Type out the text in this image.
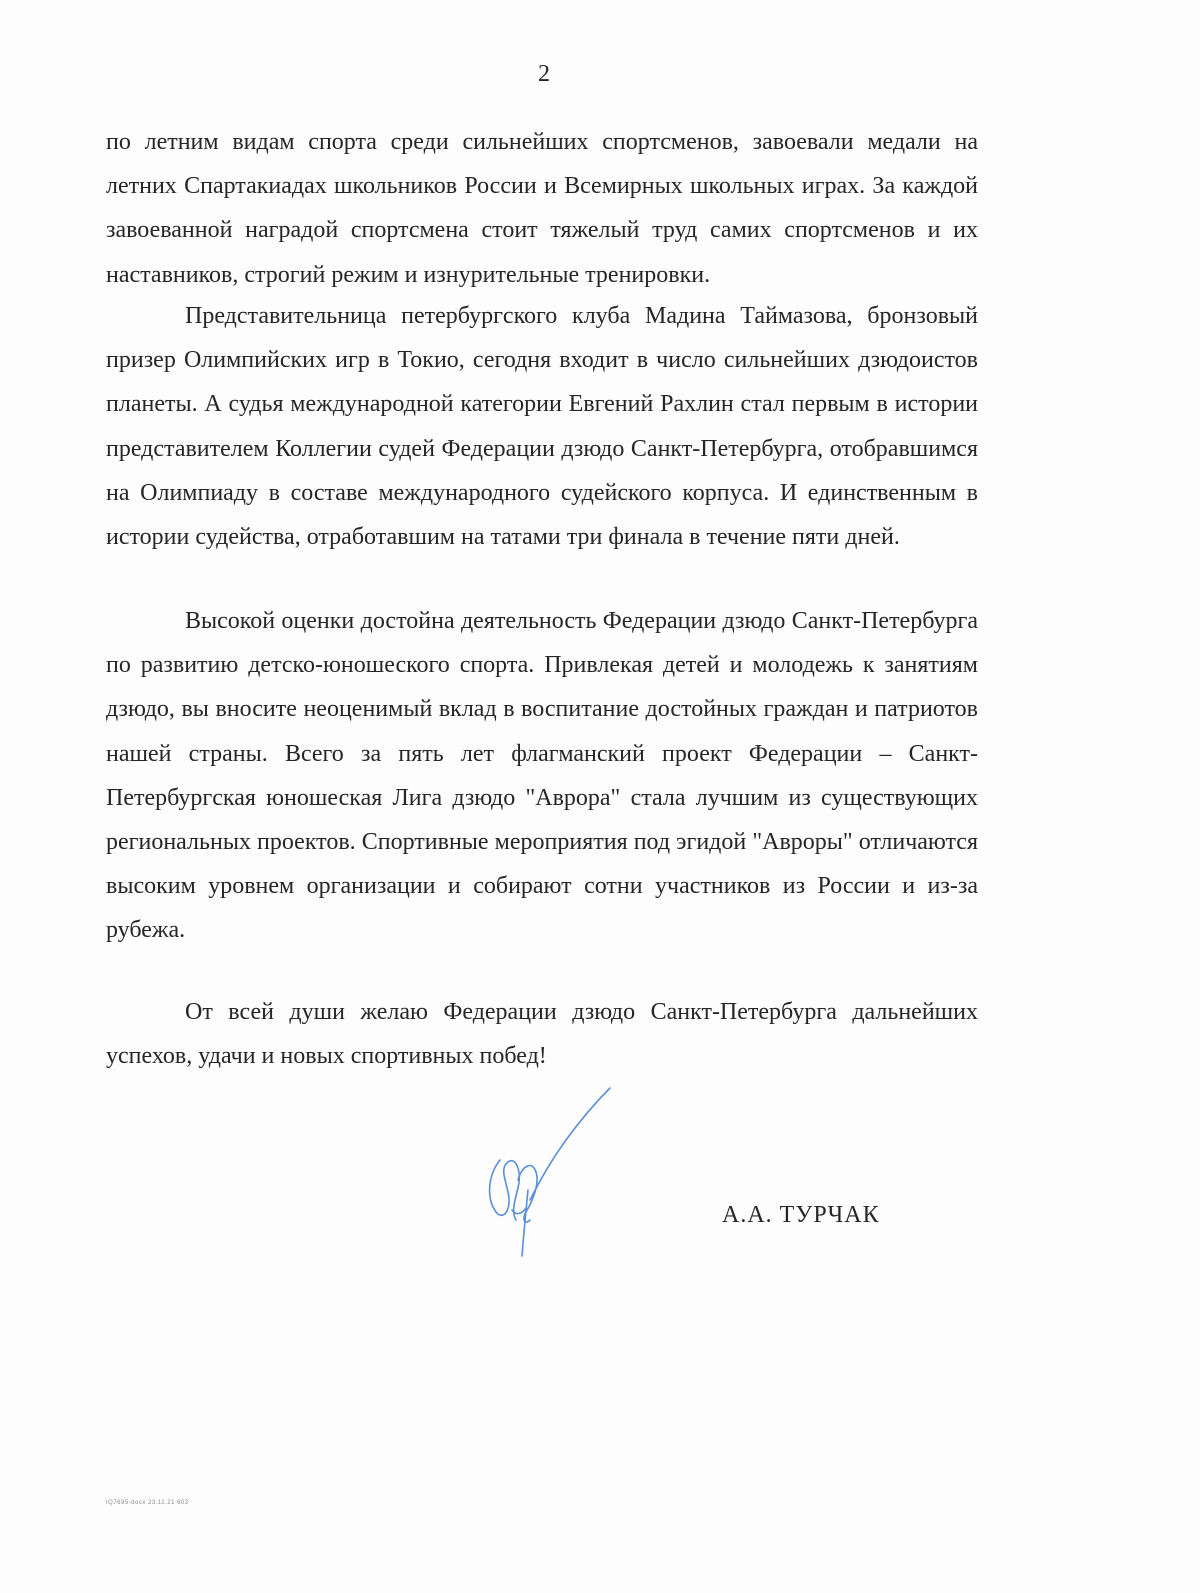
2

по летним видам спорта среди сильнейших спортсменов, завоевали медали на летних Спартакиадах школьников России и Всемирных школьных играх. За каждой завоеванной наградой спортсмена стоит тяжелый труд самих спортсменов и их наставников, строгий режим и изнурительные тренировки.

Представительница петербургского клуба Мадина Таймазова, бронзовый призер Олимпийских игр в Токио, сегодня входит в число сильнейших дзюдоистов планеты. А судья международной категории Евгений Рахлин стал первым в истории представителем Коллегии судей Федерации дзюдо Санкт-Петербурга, отобравшимся на Олимпиаду в составе международного судейского корпуса. И единственным в истории судейства, отработавшим на татами три финала в течение пяти дней.

Высокой оценки достойна деятельность Федерации дзюдо Санкт-Петербурга по развитию детско-юношеского спорта. Привлекая детей и молодежь к занятиям дзюдо, вы вносите неоценимый вклад в воспитание достойных граждан и патриотов нашей страны. Всего за пять лет флагманский проект Федерации – Санкт-Петербургская юношеская Лига дзюдо "Аврора" стала лучшим из существующих региональных проектов. Спортивные мероприятия под эгидой "Авроры" отличаются высоким уровнем организации и собирают сотни участников из России и из-за рубежа.

От всей души желаю Федерации дзюдо Санкт-Петербурга дальнейших успехов, удачи и новых спортивных побед!

А.А. ТУРЧАК
IQ7695-docx 23.11.21 603
